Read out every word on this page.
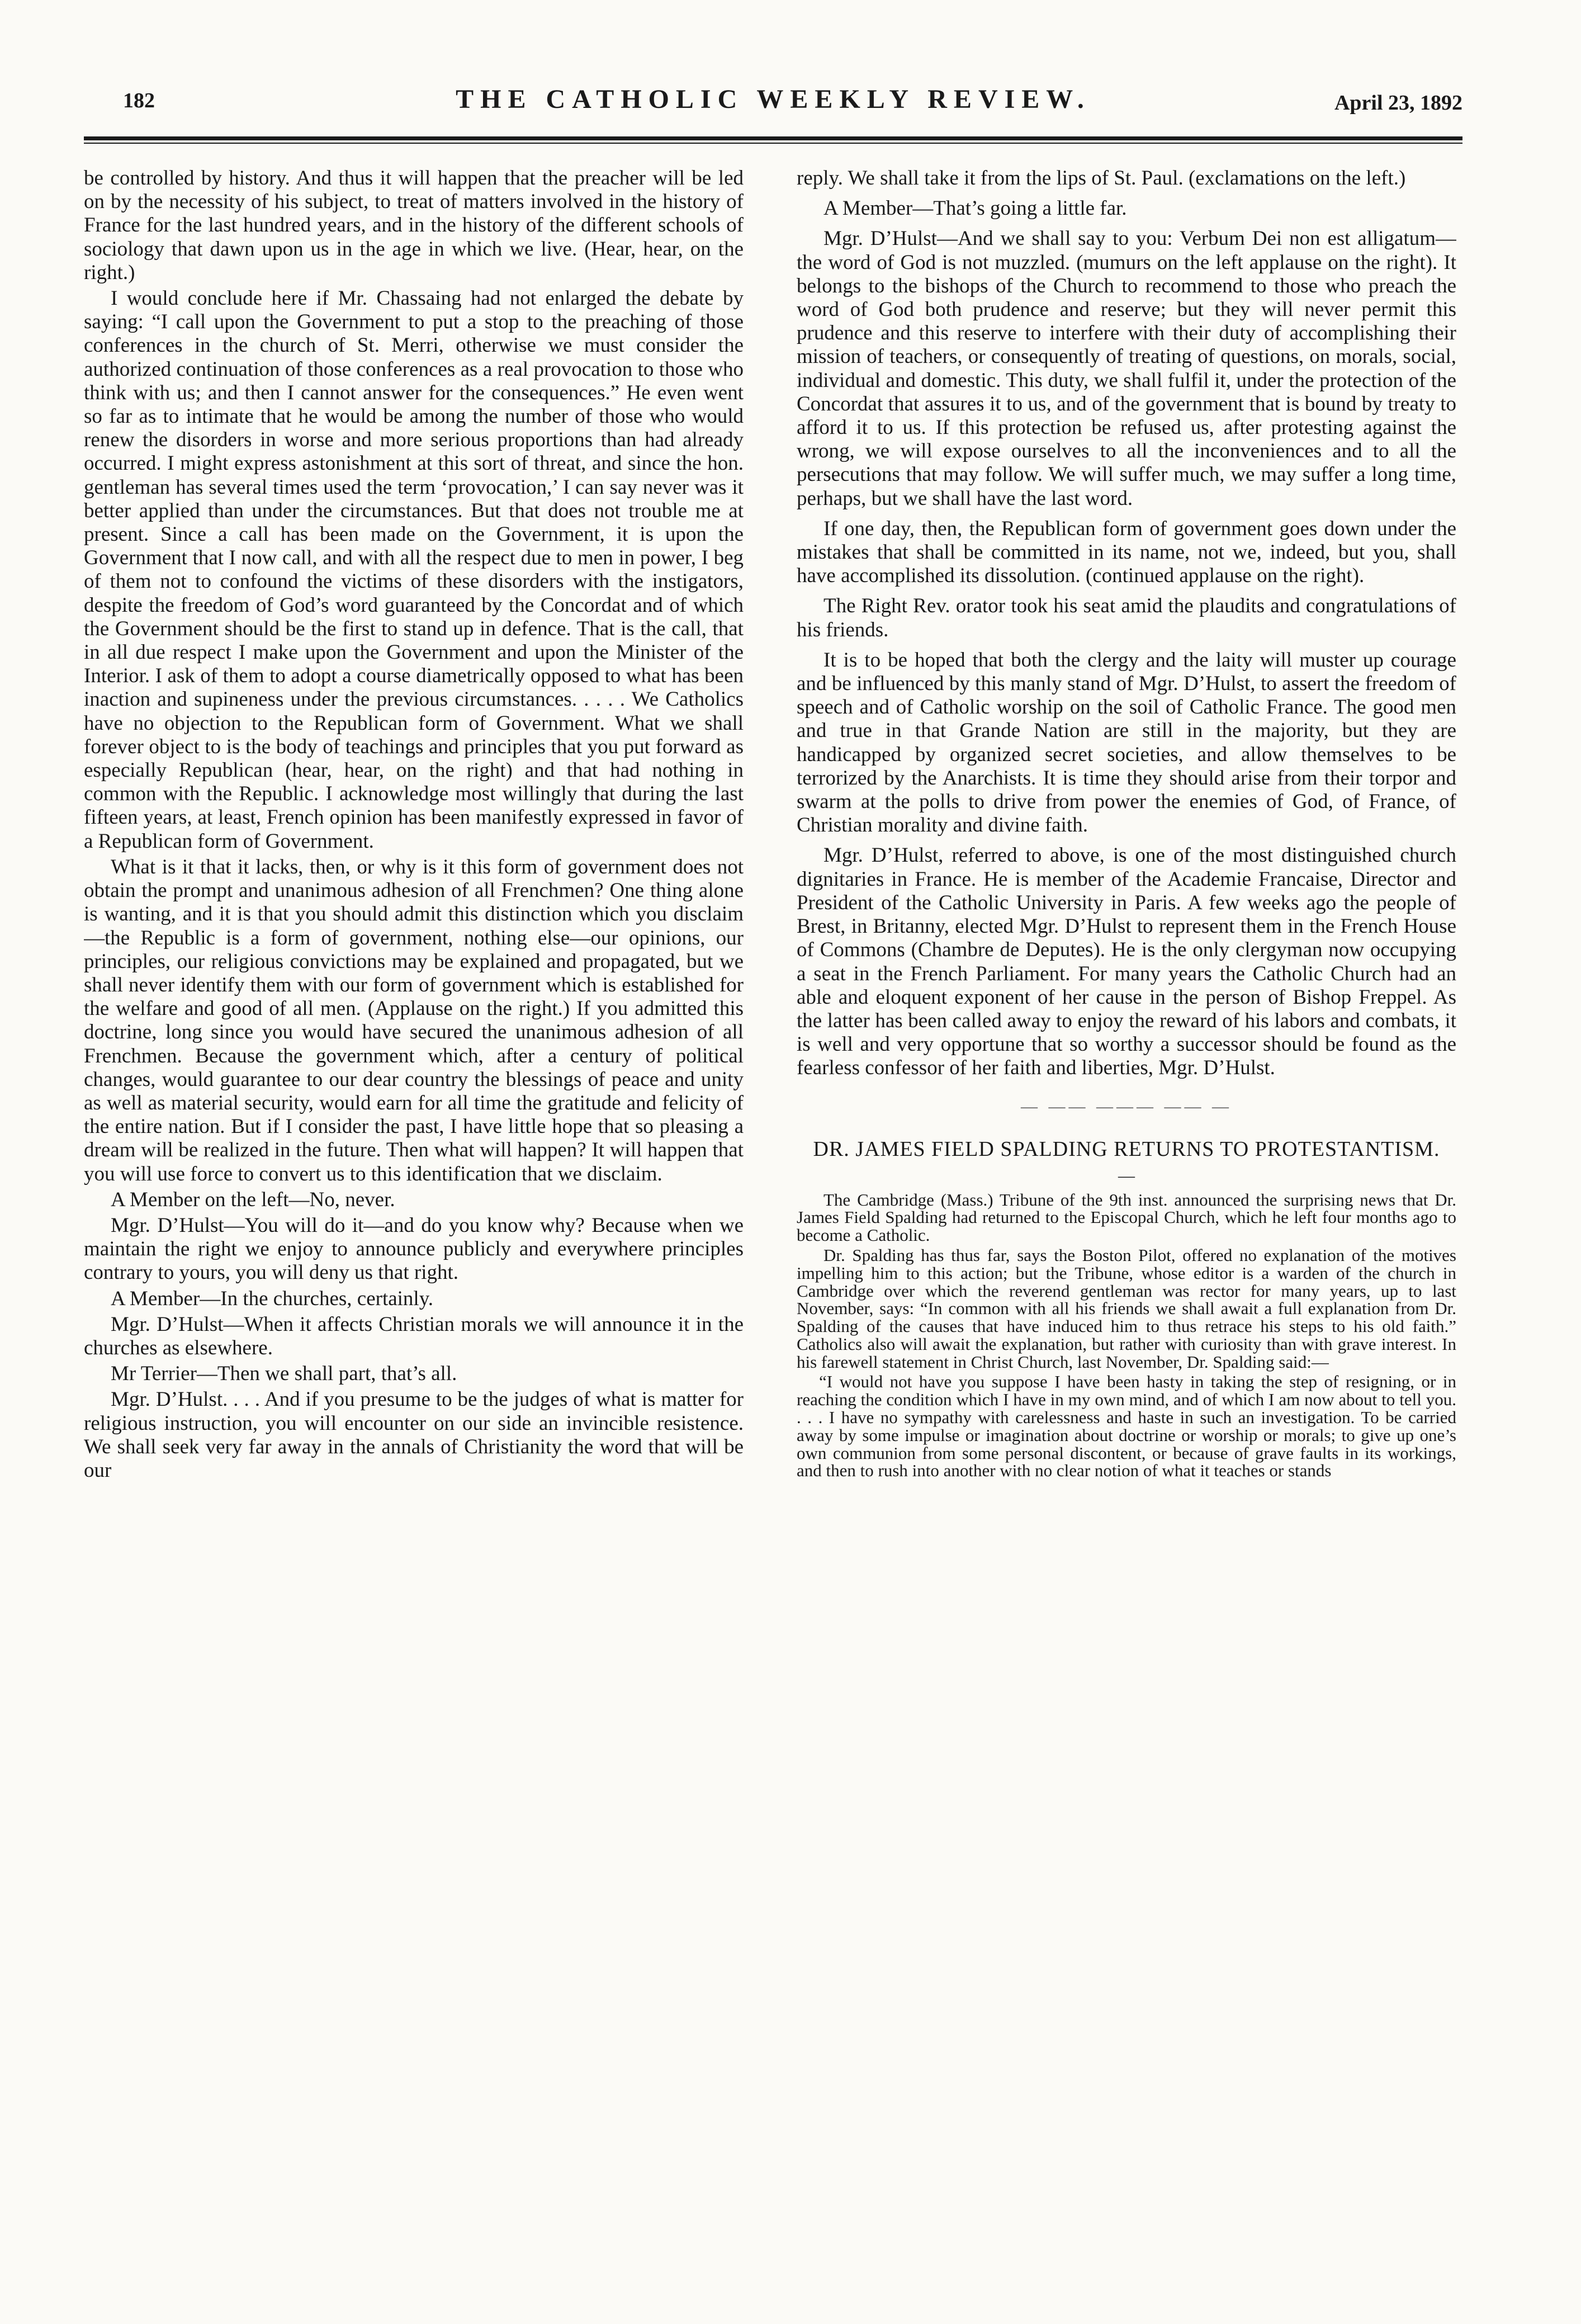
182	THE CATHOLIC WEEKLY REVIEW.	April 23, 1892

be controlled by history. And thus it will happen that the preacher will be led on by the necessity of his subject, to treat of matters involved in the history of France for the last hundred years, and in the history of the different schools of sociology that dawn upon us in the age in which we live. (Hear, hear, on the right.)

I would conclude here if Mr. Chassaing had not enlarged the debate by saying: “I call upon the Government to put a stop to the preaching of those conferences in the church of St. Merri, otherwise we must consider the authorized continuation of those conferences as a real provocation to those who think with us; and then I cannot answer for the consequences.” He even went so far as to intimate that he would be among the number of those who would renew the disorders in worse and more serious proportions than had already occurred. I might express astonishment at this sort of threat, and since the hon. gentleman has several times used the term ‘provocation,’ I can say never was it better applied than under the circumstances. But that does not trouble me at present. Since a call has been made on the Government, it is upon the Government that I now call, and with all the respect due to men in power, I beg of them not to confound the victims of these disorders with the instigators, despite the freedom of God’s word guaranteed by the Concordat and of which the Government should be the first to stand up in defence. That is the call, that in all due respect I make upon the Government and upon the Minister of the Interior. I ask of them to adopt a course diametrically opposed to what has been inaction and supineness under the previous circumstances. . . . . We Catholics have no objection to the Republican form of Government. What we shall forever object to is the body of teachings and principles that you put forward as especially Republican (hear, hear, on the right) and that had nothing in common with the Republic. I acknowledge most willingly that during the last fifteen years, at least, French opinion has been manifestly expressed in favor of a Republican form of Government.

What is it that it lacks, then, or why is it this form of government does not obtain the prompt and unanimous adhesion of all Frenchmen? One thing alone is wanting, and it is that you should admit this distinction which you disclaim—the Republic is a form of government, nothing else—our opinions, our principles, our religious convictions may be explained and propagated, but we shall never identify them with our form of government which is established for the welfare and good of all men. (Applause on the right.) If you admitted this doctrine, long since you would have secured the unanimous adhesion of all Frenchmen. Because the government which, after a century of political changes, would guarantee to our dear country the blessings of peace and unity as well as material security, would earn for all time the gratitude and felicity of the entire nation. But if I consider the past, I have little hope that so pleasing a dream will be realized in the future. Then what will happen? It will happen that you will use force to convert us to this identification that we disclaim.

A Member on the left—No, never.

Mgr. D’Hulst—You will do it—and do you know why? Because when we maintain the right we enjoy to announce publicly and everywhere principles contrary to yours, you will deny us that right.

A Member—In the churches, certainly.

Mgr. D’Hulst—When it affects Christian morals we will announce it in the churches as elsewhere.

Mr Terrier—Then we shall part, that’s all.

Mgr. D’Hulst. . . . And if you presume to be the judges of what is matter for religious instruction, you will encounter on our side an invincible resistence. We shall seek very far away in the annals of Christianity the word that will be our

reply. We shall take it from the lips of St. Paul. (exclamations on the left.)

A Member—That’s going a little far.

Mgr. D’Hulst—And we shall say to you: Verbum Dei non est alligatum—the word of God is not muzzled. (mumurs on the left applause on the right). It belongs to the bishops of the Church to recommend to those who preach the word of God both prudence and reserve; but they will never permit this prudence and this reserve to interfere with their duty of accomplishing their mission of teachers, or consequently of treating of questions, on morals, social, individual and domestic. This duty, we shall fulfil it, under the protection of the Concordat that assures it to us, and of the government that is bound by treaty to afford it to us. If this protection be refused us, after protesting against the wrong, we will expose ourselves to all the inconveniences and to all the persecutions that may follow. We will suffer much, we may suffer a long time, perhaps, but we shall have the last word.

If one day, then, the Republican form of government goes down under the mistakes that shall be committed in its name, not we, indeed, but you, shall have accomplished its dissolution. (continued applause on the right).

The Right Rev. orator took his seat amid the plaudits and congratulations of his friends.

It is to be hoped that both the clergy and the laity will muster up courage and be influenced by this manly stand of Mgr. D’Hulst, to assert the freedom of speech and of Catholic worship on the soil of Catholic France. The good men and true in that Grande Nation are still in the majority, but they are handicapped by organized secret societies, and allow themselves to be terrorized by the Anarchists. It is time they should arise from their torpor and swarm at the polls to drive from power the enemies of God, of France, of Christian morality and divine faith.

Mgr. D’Hulst, referred to above, is one of the most distinguished church dignitaries in France. He is member of the Academie Francaise, Director and President of the Catholic University in Paris. A few weeks ago the people of Brest, in Britanny, elected Mgr. D’Hulst to represent them in the French House of Commons (Chambre de Deputes). He is the only clergyman now occupying a seat in the French Parliament. For many years the Catholic Church had an able and eloquent exponent of her cause in the person of Bishop Freppel. As the latter has been called away to enjoy the reward of his labors and combats, it is well and very opportune that so worthy a successor should be found as the fearless confessor of her faith and liberties, Mgr. D’Hulst.

— —— ——— —— —
DR. JAMES FIELD SPALDING RETURNS TO PROTESTANTISM.
—

The Cambridge (Mass.) Tribune of the 9th inst. announced the surprising news that Dr. James Field Spalding had returned to the Episcopal Church, which he left four months ago to become a Catholic.

Dr. Spalding has thus far, says the Boston Pilot, offered no explanation of the motives impelling him to this action; but the Tribune, whose editor is a warden of the church in Cambridge over which the reverend gentleman was rector for many years, up to last November, says: “In common with all his friends we shall await a full explanation from Dr. Spalding of the causes that have induced him to thus retrace his steps to his old faith.” Catholics also will await the explanation, but rather with curiosity than with grave interest. In his farewell statement in Christ Church, last November, Dr. Spalding said:—

“I would not have you suppose I have been hasty in taking the step of resigning, or in reaching the condition which I have in my own mind, and of which I am now about to tell you. . . . I have no sympathy with carelessness and haste in such an investigation. To be carried away by some impulse or imagination about doctrine or worship or morals; to give up one’s own communion from some personal discontent, or because of grave faults in its workings, and then to rush into another with no clear notion of what it teaches or stands
